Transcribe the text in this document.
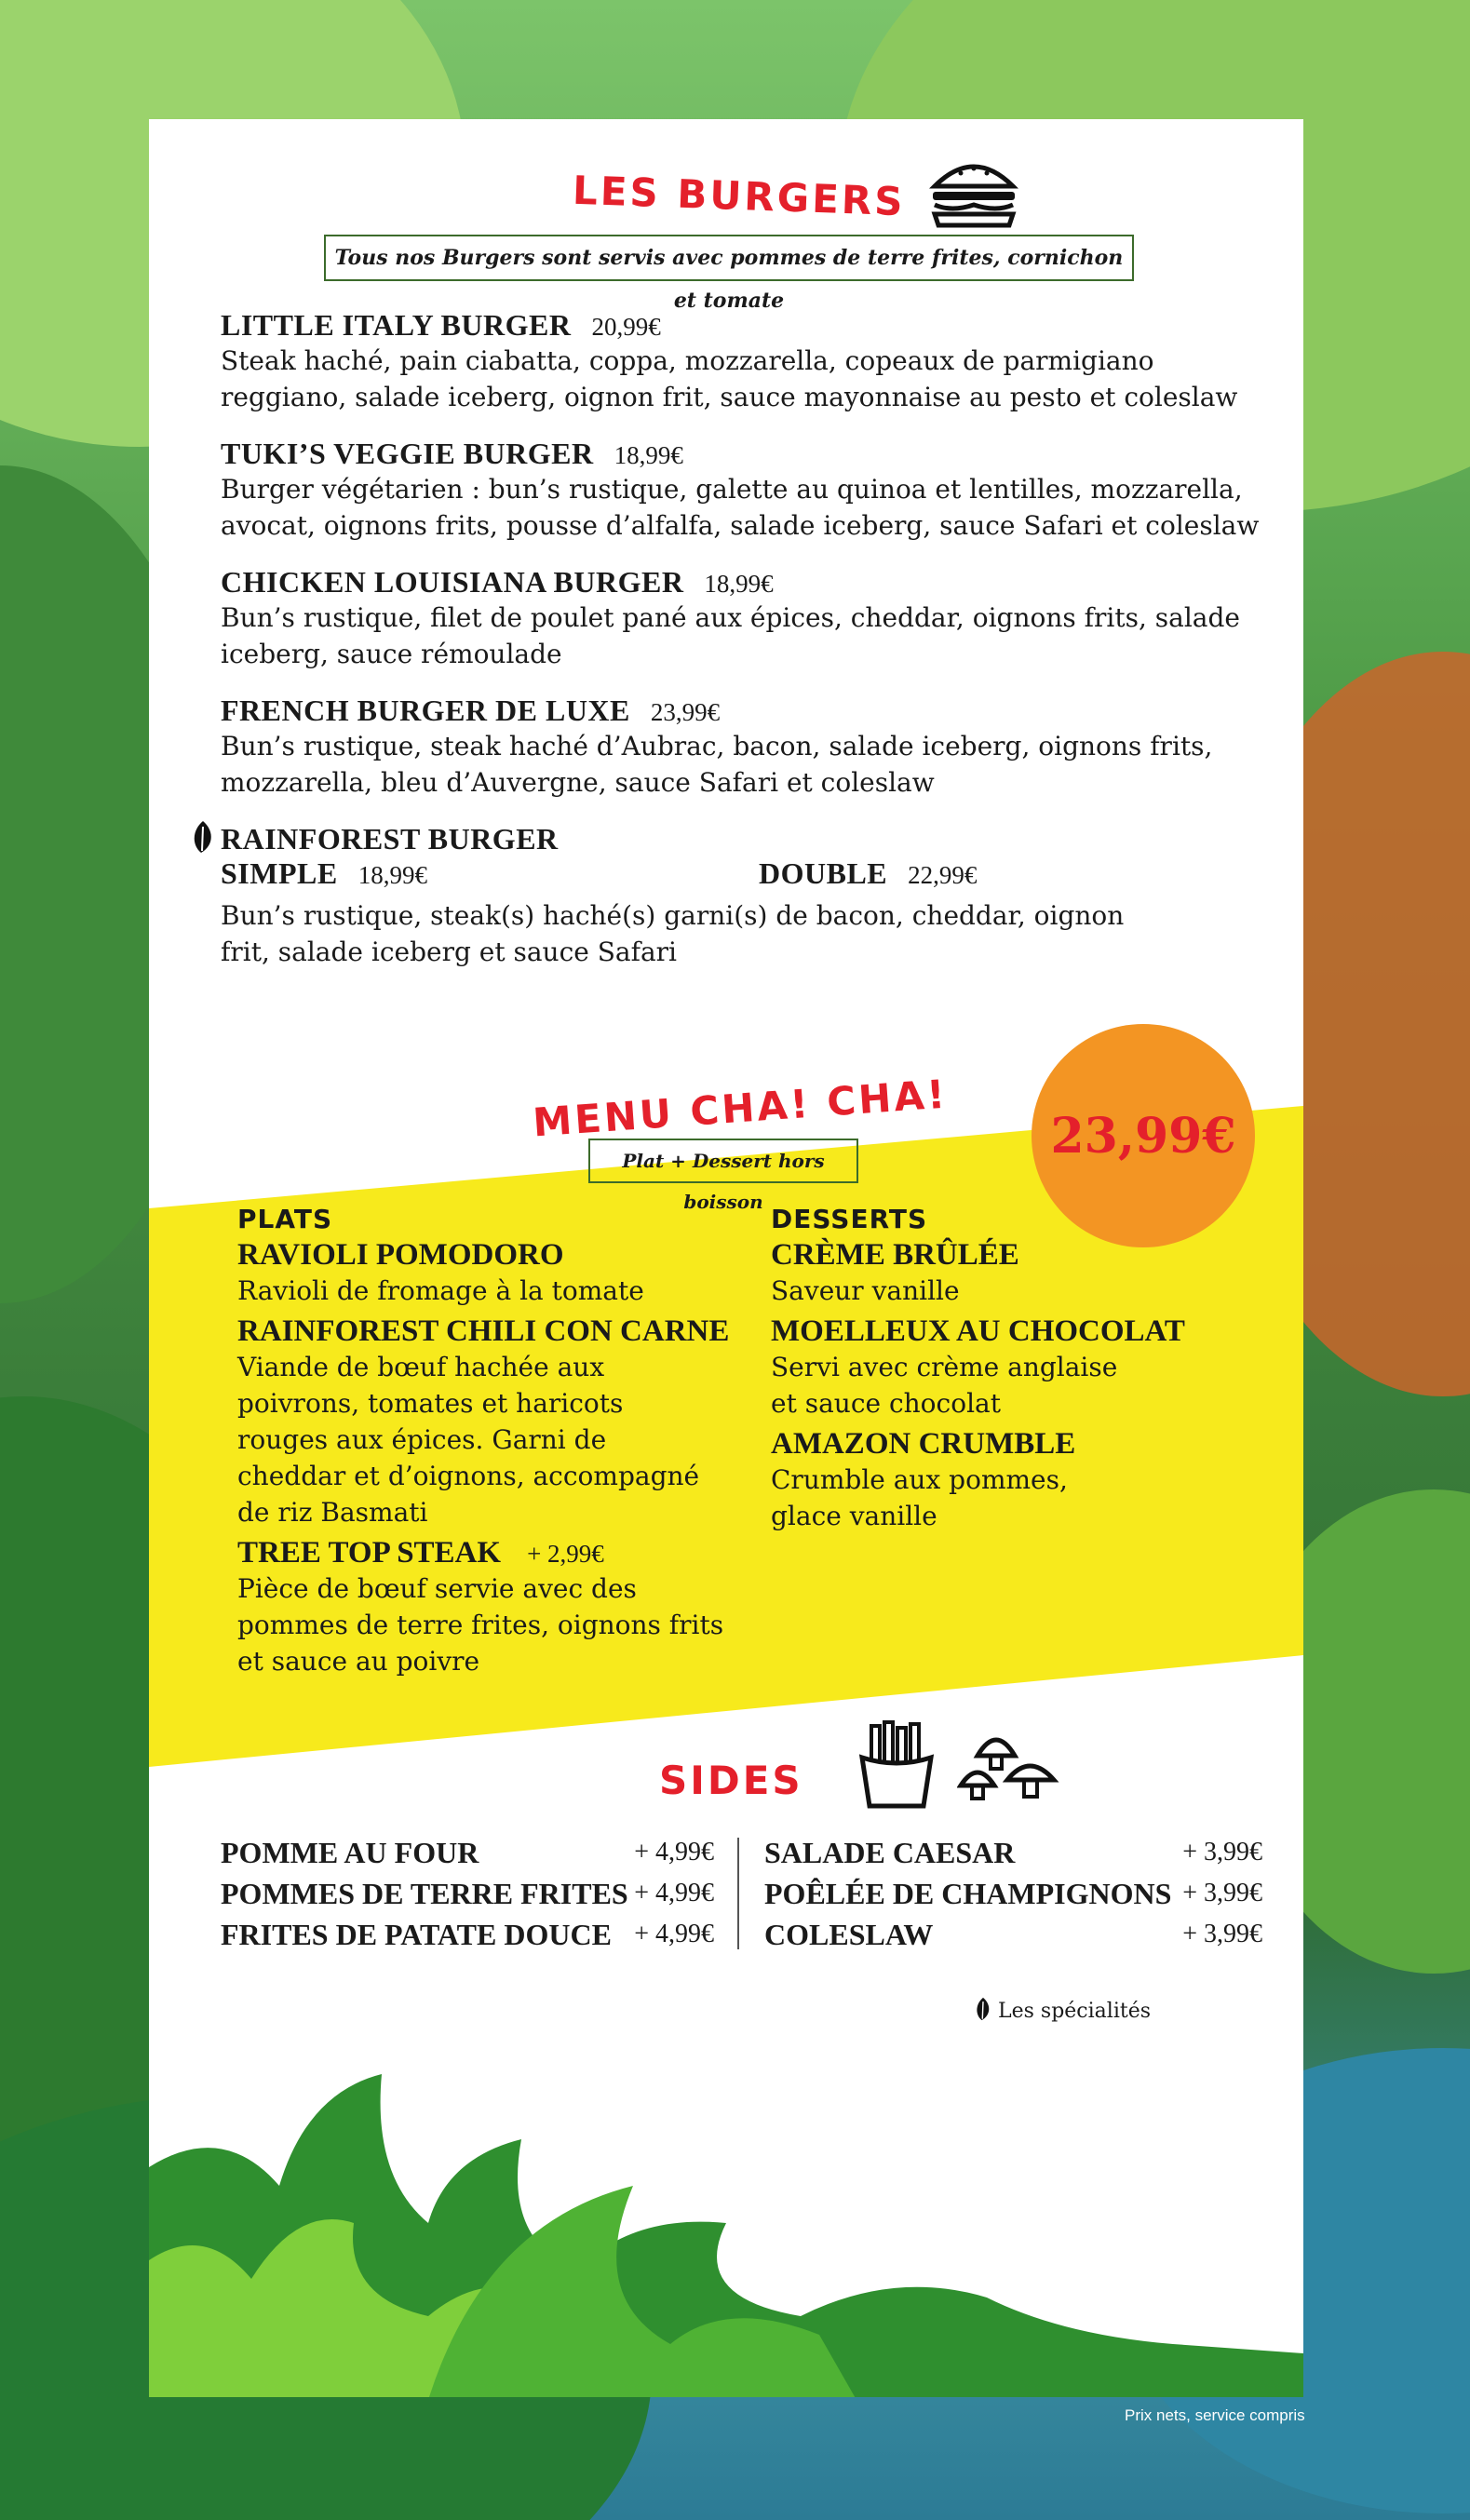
LES BURGERS
Tous nos Burgers sont servis avec pommes de terre frites, cornichon et tomate
LITTLE ITALY BURGER 20,99€
Steak haché, pain ciabatta, coppa, mozzarella, copeaux de parmigiano reggiano, salade iceberg, oignon frit, sauce mayonnaise au pesto et coleslaw
TUKI’S VEGGIE BURGER 18,99€
Burger végétarien : bun’s rustique, galette au quinoa et lentilles, mozzarella, avocat, oignons frits, pousse d’alfalfa, salade iceberg, sauce Safari et coleslaw
CHICKEN LOUISIANA BURGER 18,99€
Bun’s rustique, filet de poulet pané aux épices, cheddar, oignons frits, salade iceberg, sauce rémoulade
FRENCH BURGER DE LUXE 23,99€
Bun’s rustique, steak haché d’Aubrac, bacon, salade iceberg, oignons frits, mozzarella, bleu d’Auvergne, sauce Safari et coleslaw
RAINFOREST BURGER
SIMPLE 18,99€	DOUBLE 22,99€
Bun’s rustique, steak(s) haché(s) garni(s) de bacon, cheddar, oignon frit, salade iceberg et sauce Safari
MENU CHA! CHA!
Plat + Dessert hors boisson
23,99€
PLATS
RAVIOLI POMODORO
Ravioli de fromage à la tomate
RAINFOREST CHILI CON CARNE
Viande de bœuf hachée aux poivrons, tomates et haricots rouges aux épices. Garni de cheddar et d’oignons, accompagné de riz Basmati
TREE TOP STEAK + 2,99€
Pièce de bœuf servie avec des pommes de terre frites, oignons frits et sauce au poivre
DESSERTS
CRÈME BRÛLÉE
Saveur vanille
MOELLEUX AU CHOCOLAT
Servi avec crème anglaise et sauce chocolat
AMAZON CRUMBLE
Crumble aux pommes, glace vanille
SIDES
POMME AU FOUR	+ 4,99€
POMMES DE TERRE FRITES + 4,99€
FRITES DE PATATE DOUCE + 4,99€
SALADE CAESAR	+ 3,99€
POÊLÉE DE CHAMPIGNONS + 3,99€
COLESLAW	+ 3,99€
Les spécialités
Prix nets, service compris
